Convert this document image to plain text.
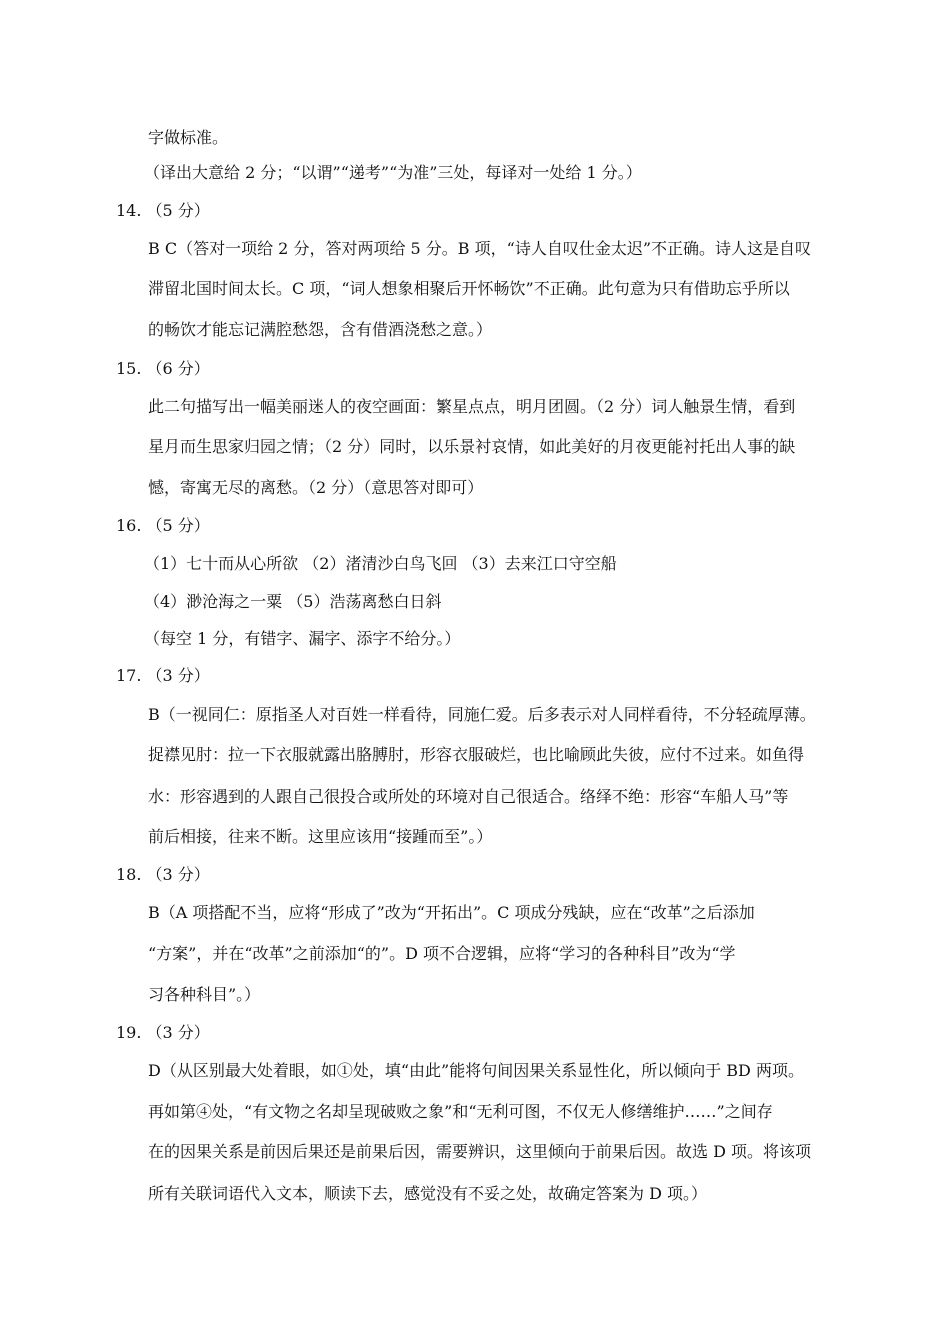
字做标准。
（译出大意给 2 分；“以谓”“递考”“为准”三处，每译对一处给 1 分。）
14. （5 分）
B C（答对一项给 2 分，答对两项给 5 分。B 项，“诗人自叹仕金太迟”不正确。诗人这是自叹
滞留北国时间太长。C 项，“词人想象相聚后开怀畅饮”不正确。此句意为只有借助忘乎所以
的畅饮才能忘记满腔愁怨，含有借酒浇愁之意。）
15. （6 分）
此二句描写出一幅美丽迷人的夜空画面：繁星点点，明月团圆。（2 分）词人触景生情，看到
星月而生思家归园之情；（2 分）同时，以乐景衬哀情，如此美好的月夜更能衬托出人事的缺
憾，寄寓无尽的离愁。（2 分）（意思答对即可）
16. （5 分）
（1）七十而从心所欲 （2）渚清沙白鸟飞回 （3）去来江口守空船
（4）渺沧海之一粟 （5）浩荡离愁白日斜
（每空 1 分，有错字、漏字、添字不给分。）
17. （3 分）
B（一视同仁：原指圣人对百姓一样看待，同施仁爱。后多表示对人同样看待，不分轻疏厚薄。
捉襟见肘：拉一下衣服就露出胳膊肘，形容衣服破烂，也比喻顾此失彼，应付不过来。如鱼得
水：形容遇到的人跟自己很投合或所处的环境对自己很适合。络绎不绝：形容“车船人马”等
前后相接，往来不断。这里应该用“接踵而至”。）
18. （3 分）
B（A 项搭配不当，应将“形成了”改为“开拓出”。C 项成分残缺，应在“改革”之后添加
“方案”，并在“改革”之前添加“的”。D 项不合逻辑，应将“学习的各种科目”改为“学
习各种科目”。）
19. （3 分）
D（从区别最大处着眼，如①处，填“由此”能将句间因果关系显性化，所以倾向于 BD 两项。
再如第④处，“有文物之名却呈现破败之象”和“无利可图，不仅无人修缮维护……”之间存
在的因果关系是前因后果还是前果后因，需要辨识，这里倾向于前果后因。故选 D 项。将该项
所有关联词语代入文本，顺读下去，感觉没有不妥之处，故确定答案为 D 项。）
